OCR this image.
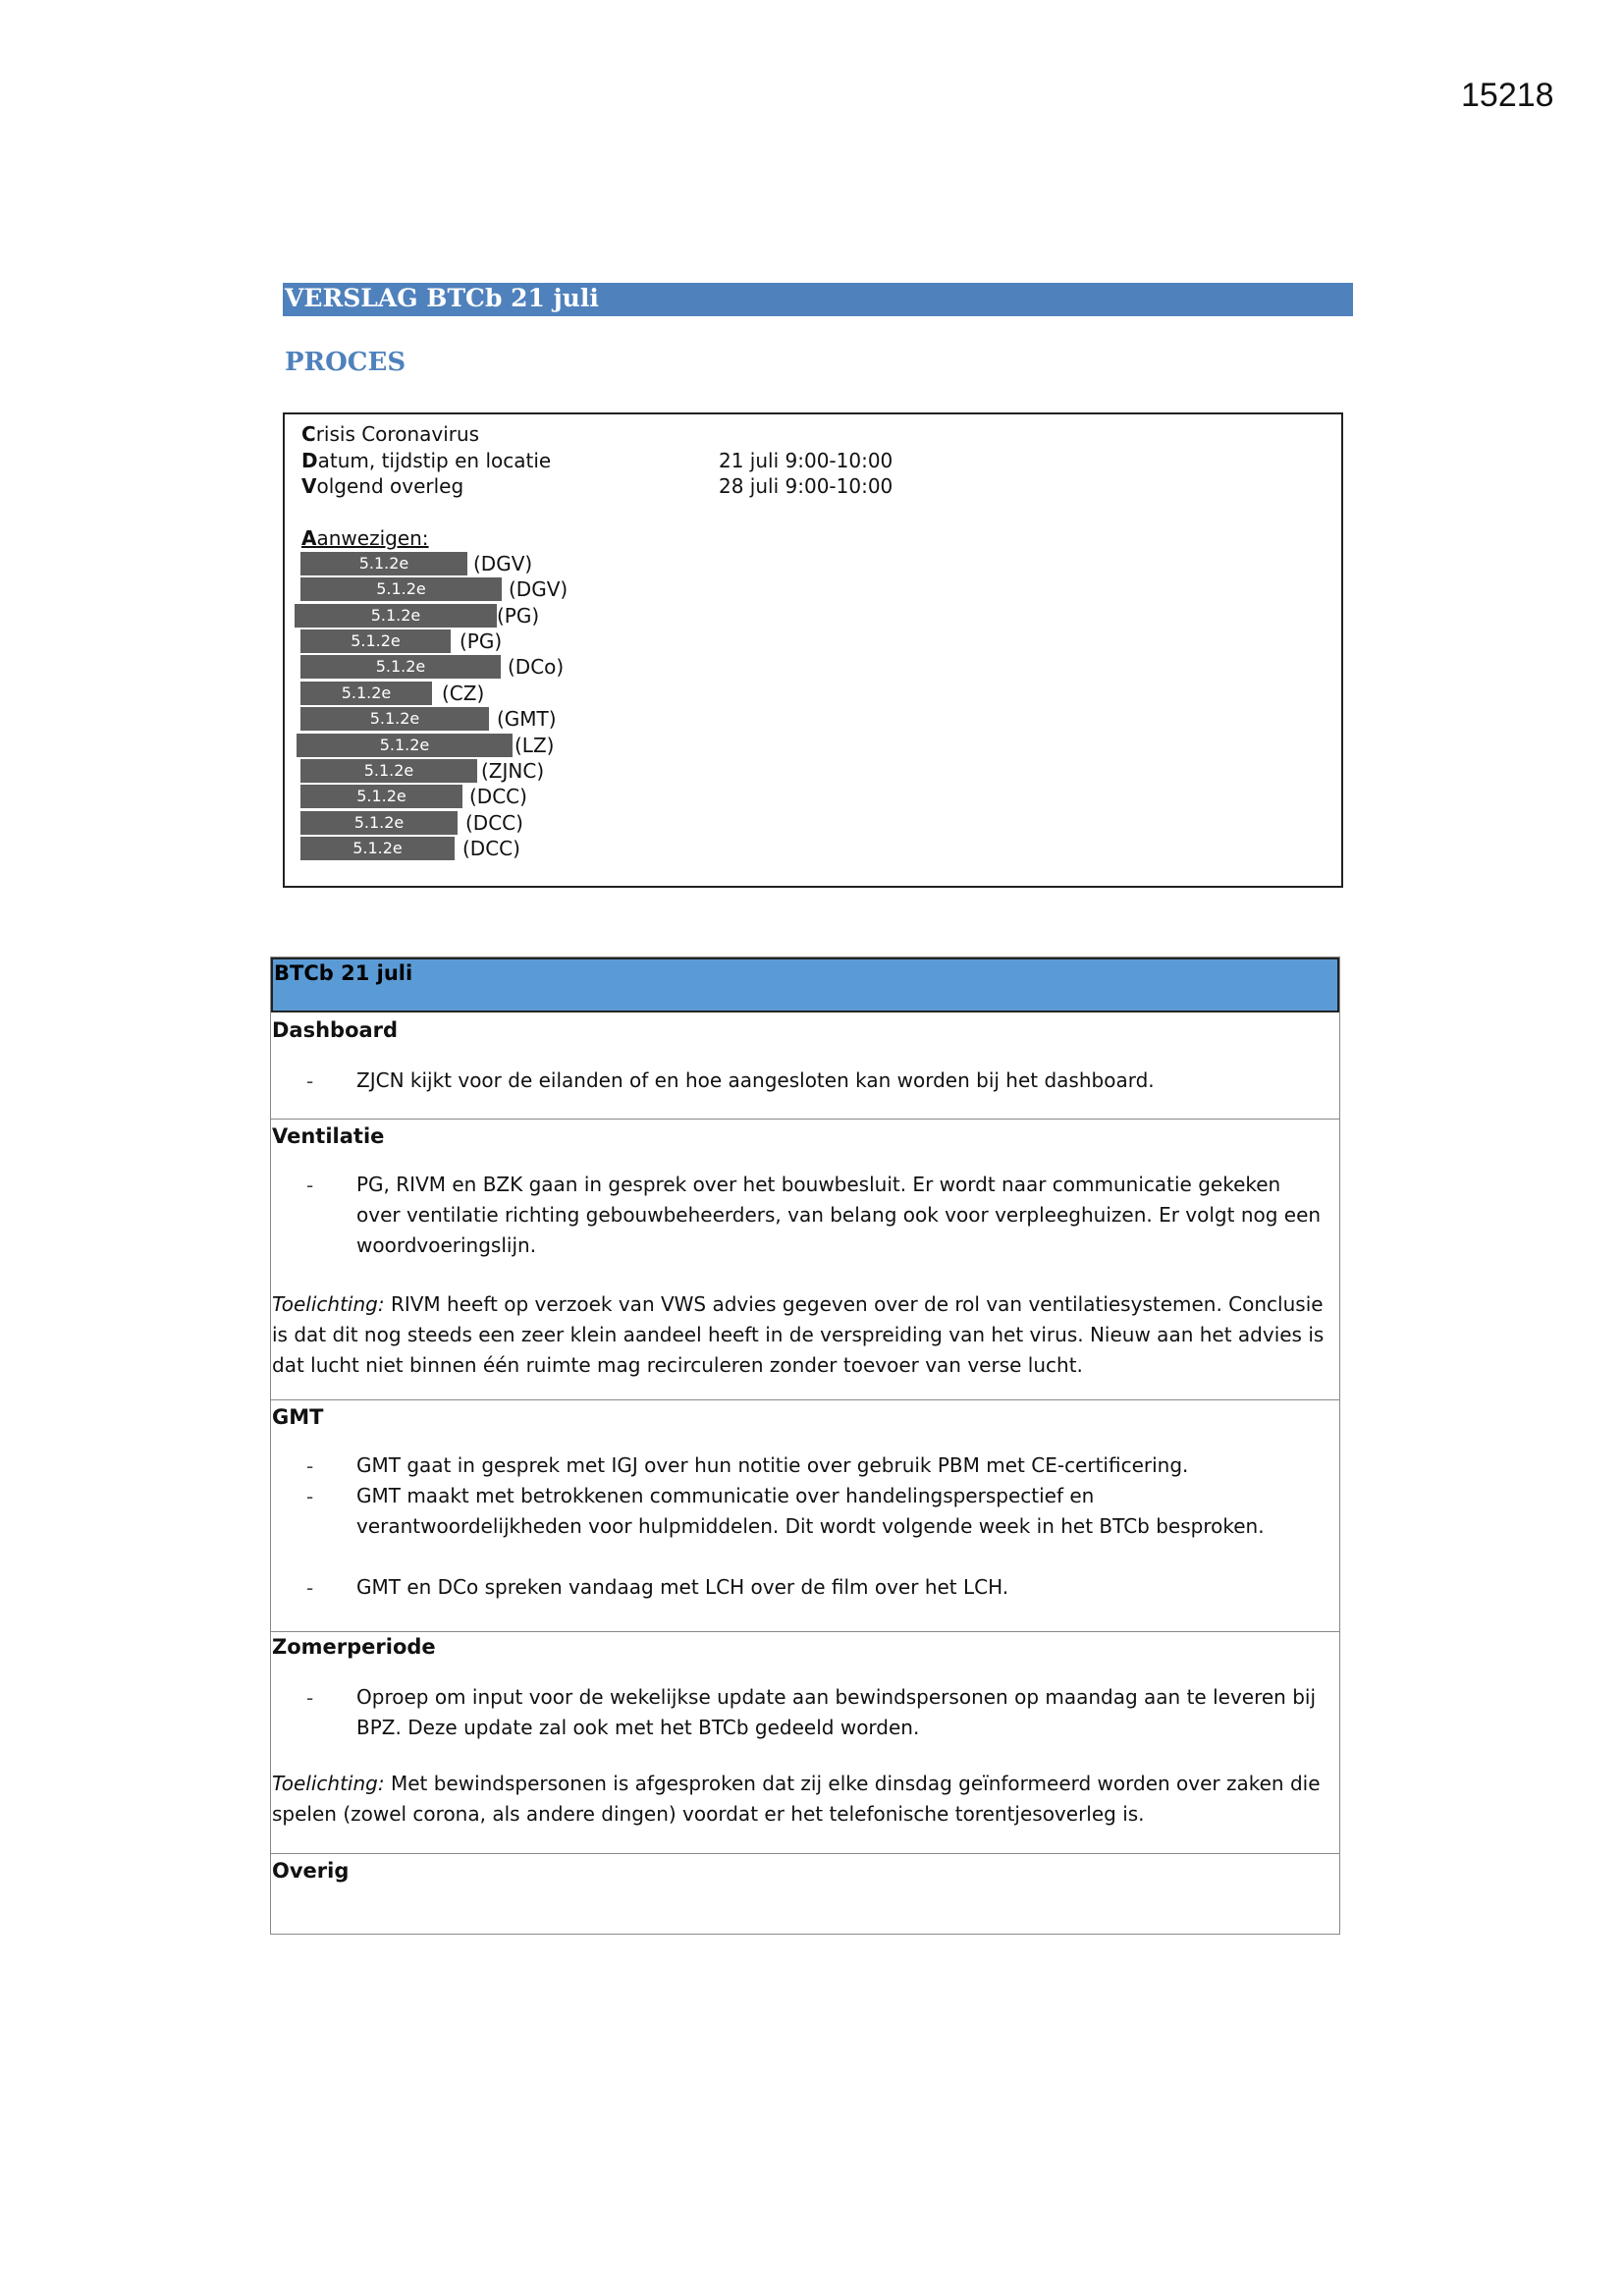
15218
VERSLAG BTCb 21 juli
PROCES
Crisis Coronavirus
Datum, tijdstip en locatie	21 juli 9:00-10:00
Volgend overleg	28 juli 9:00-10:00
Aanwezigen:
5.1.2e	(DGV)
5.1.2e	(DGV)
5.1.2e	(PG)
5.1.2e	(PG)
5.1.2e	(DCo)
5.1.2e	(CZ)
5.1.2e	(GMT)
5.1.2e	(LZ)
5.1.2e	(ZJNC)
5.1.2e	(DCC)
5.1.2e	(DCC)
5.1.2e	(DCC)
BTCb 21 juli
Dashboard
- ZJCN kijkt voor de eilanden of en hoe aangesloten kan worden bij het dashboard.
Ventilatie
- PG, RIVM en BZK gaan in gesprek over het bouwbesluit. Er wordt naar communicatie gekeken over ventilatie richting gebouwbeheerders, van belang ook voor verpleeghuizen. Er volgt nog een woordvoeringslijn.
Toelichting: RIVM heeft op verzoek van VWS advies gegeven over de rol van ventilatiesystemen. Conclusie is dat dit nog steeds een zeer klein aandeel heeft in de verspreiding van het virus. Nieuw aan het advies is dat lucht niet binnen één ruimte mag recirculeren zonder toevoer van verse lucht.
GMT
- GMT gaat in gesprek met IGJ over hun notitie over gebruik PBM met CE-certificering.
- GMT maakt met betrokkenen communicatie over handelingsperspectief en verantwoordelijkheden voor hulpmiddelen. Dit wordt volgende week in het BTCb besproken.
- GMT en DCo spreken vandaag met LCH over de film over het LCH.
Zomerperiode
- Oproep om input voor de wekelijkse update aan bewindspersonen op maandag aan te leveren bij BPZ. Deze update zal ook met het BTCb gedeeld worden.
Toelichting: Met bewindspersonen is afgesproken dat zij elke dinsdag geïnformeerd worden over zaken die spelen (zowel corona, als andere dingen) voordat er het telefonische torentjesoverleg is.
Overig
